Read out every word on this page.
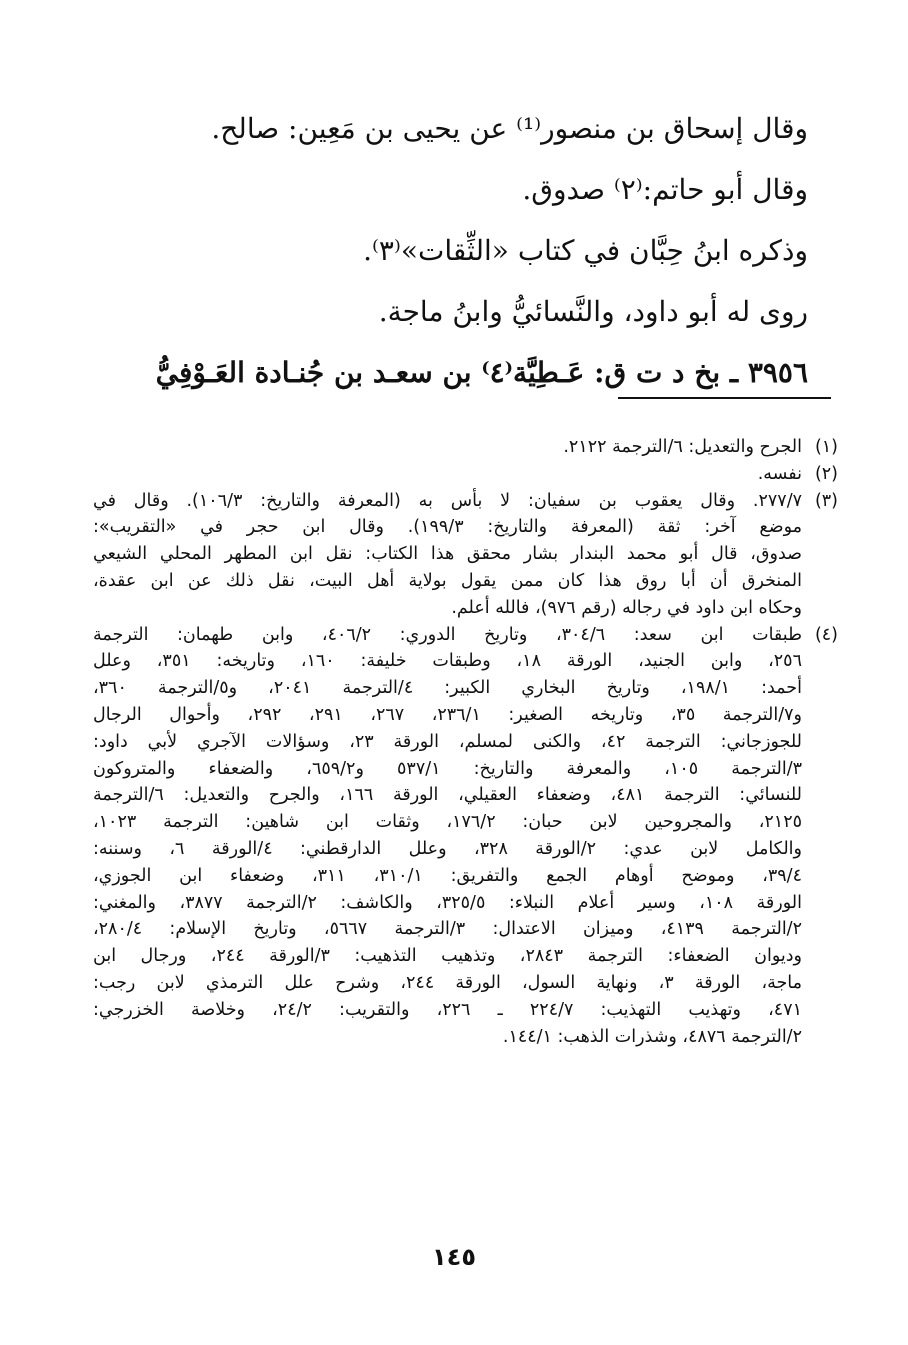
وقال إسحاق بن منصور⁽¹⁾ عن يحيى بن مَعِين: صالح.

وقال أبو حاتم:⁽٢⁾ صدوق.

وذكره ابنُ حِبَّان في كتاب «الثِّقات»⁽٣⁾.

روى له أبو داود، والنَّسائيُّ وابنُ ماجة.

٣٩٥٦ ـ بخ د ت ق: عَـطِيَّة⁽٤⁾ بن سعـد بن جُنـادة العَـوْفِيُّ

(١)
الجرح والتعديل: ٦/الترجمة ٢١٢٢.
(٢)
نفسه.
(٣)
٢٧٧/٧. وقال يعقوب بن سفيان: لا بأس به (المعرفة والتاريخ: ١٠٦/٣). وقال في
موضع آخر: ثقة (المعرفة والتاريخ: ١٩٩/٣). وقال ابن حجر في «التقريب»:
صدوق، قال أبو محمد البندار بشار محقق هذا الكتاب: نقل ابن المطهر المحلي الشيعي
المنخرق أن أبا روق هذا كان ممن يقول بولاية أهل البيت، نقل ذلك عن ابن عقدة،
وحكاه ابن داود في رجاله (رقم ٩٧٦)، فالله أعلم.
(٤)
طبقات ابن سعد: ٣٠٤/٦، وتاريخ الدوري: ٤٠٦/٢، وابن طهمان: الترجمة
٢٥٦، وابن الجنيد، الورقة ١٨، وطبقات خليفة: ١٦٠، وتاريخه: ٣٥١، وعلل
أحمد: ١٩٨/١، وتاريخ البخاري الكبير: ٤/الترجمة ٢٠٤١، و٥/الترجمة ٣٦٠،
و٧/الترجمة ٣٥، وتاريخه الصغير: ٢٣٦/١، ٢٦٧، ٢٩١، ٢٩٢، وأحوال الرجال
للجوزجاني: الترجمة ٤٢، والكنى لمسلم، الورقة ٢٣، وسؤالات الآجري لأبي داود:
٣/الترجمة ١٠٥، والمعرفة والتاريخ: ٥٣٧/١ و٦٥٩/٢، والضعفاء والمتروكون
للنسائي: الترجمة ٤٨١، وضعفاء العقيلي، الورقة ١٦٦، والجرح والتعديل: ٦/الترجمة
٢١٢٥، والمجروحين لابن حبان: ١٧٦/٢، وثقات ابن شاهين: الترجمة ١٠٢٣،
والكامل لابن عدي: ٢/الورقة ٣٢٨، وعلل الدارقطني: ٤/الورقة ٦، وسننه:
٣٩/٤، وموضح أوهام الجمع والتفريق: ٣١٠/١، ٣١١، وضعفاء ابن الجوزي،
الورقة ١٠٨، وسير أعلام النبلاء: ٣٢٥/٥، والكاشف: ٢/الترجمة ٣٨٧٧، والمغني:
٢/الترجمة ٤١٣٩، وميزان الاعتدال: ٣/الترجمة ٥٦٦٧، وتاريخ الإسلام: ٢٨٠/٤،
وديوان الضعفاء: الترجمة ٢٨٤٣، وتذهيب التذهيب: ٣/الورقة ٢٤٤، ورجال ابن
ماجة، الورقة ٣، ونهاية السول، الورقة ٢٤٤، وشرح علل الترمذي لابن رجب:
٤٧١، وتهذيب التهذيب: ٢٢٤/٧ ـ ٢٢٦، والتقريب: ٢٤/٢، وخلاصة الخزرجي:
٢/الترجمة ٤٨٧٦، وشذرات الذهب: ١٤٤/١.
١٤٥
